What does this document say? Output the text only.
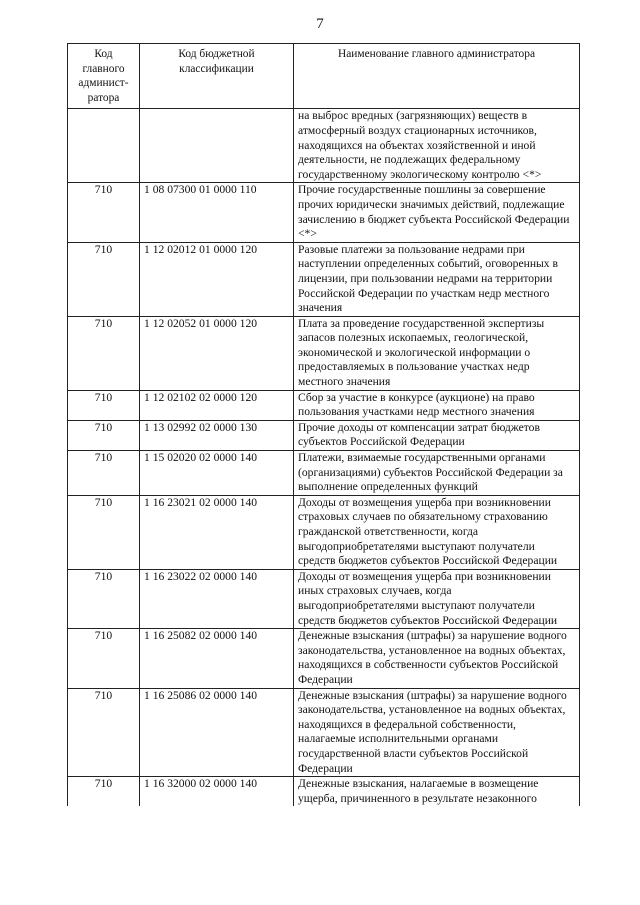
7
Код главного админист-ратора	Код бюджетной классификации	Наименование главного администратора
		на выброс вредных (загрязняющих) веществ в атмосферный воздух стационарных источников, находящихся на объектах хозяйственной и иной деятельности, не подлежащих федеральному государственному экологическому контролю <*>
710	1 08 07300 01 0000 110	Прочие государственные пошлины за совершение прочих юридически значимых действий, подлежащие зачислению в бюджет субъекта Российской Федерации <*>
710	1 12 02012 01 0000 120	Разовые платежи за пользование недрами при наступлении определенных событий, оговоренных в лицензии, при пользовании недрами на территории Российской Федерации по участкам недр местного значения
710	1 12 02052 01 0000 120	Плата за проведение государственной экспертизы запасов полезных ископаемых, геологической, экономической и экологической информации о предоставляемых в пользование участках недр местного значения
710	1 12 02102 02 0000 120	Сбор за участие в конкурсе (аукционе) на право пользования участками недр местного значения
710	1 13 02992 02 0000 130	Прочие доходы от компенсации затрат бюджетов субъектов Российской Федерации
710	1 15 02020 02 0000 140	Платежи, взимаемые государственными органами (организациями) субъектов Российской Федерации за выполнение определенных функций
710	1 16 23021 02 0000 140	Доходы от возмещения ущерба при возникновении страховых случаев по обязательному страхованию гражданской ответственности, когда выгодоприобретателями выступают получатели средств бюджетов субъектов Российской Федерации
710	1 16 23022 02 0000 140	Доходы от возмещения ущерба при возникновении иных страховых случаев, когда выгодоприобретателями выступают получатели средств бюджетов субъектов Российской Федерации
710	1 16 25082 02 0000 140	Денежные взыскания (штрафы) за нарушение водного законодательства, установленное на водных объектах, находящихся в собственности субъектов Российской Федерации
710	1 16 25086 02 0000 140	Денежные взыскания (штрафы) за нарушение водного законодательства, установленное на водных объектах, находящихся в федеральной собственности, налагаемые исполнительными органами государственной власти субъектов Российской Федерации
710	1 16 32000 02 0000 140	Денежные взыскания, налагаемые в возмещение ущерба, причиненного в результате незаконного
